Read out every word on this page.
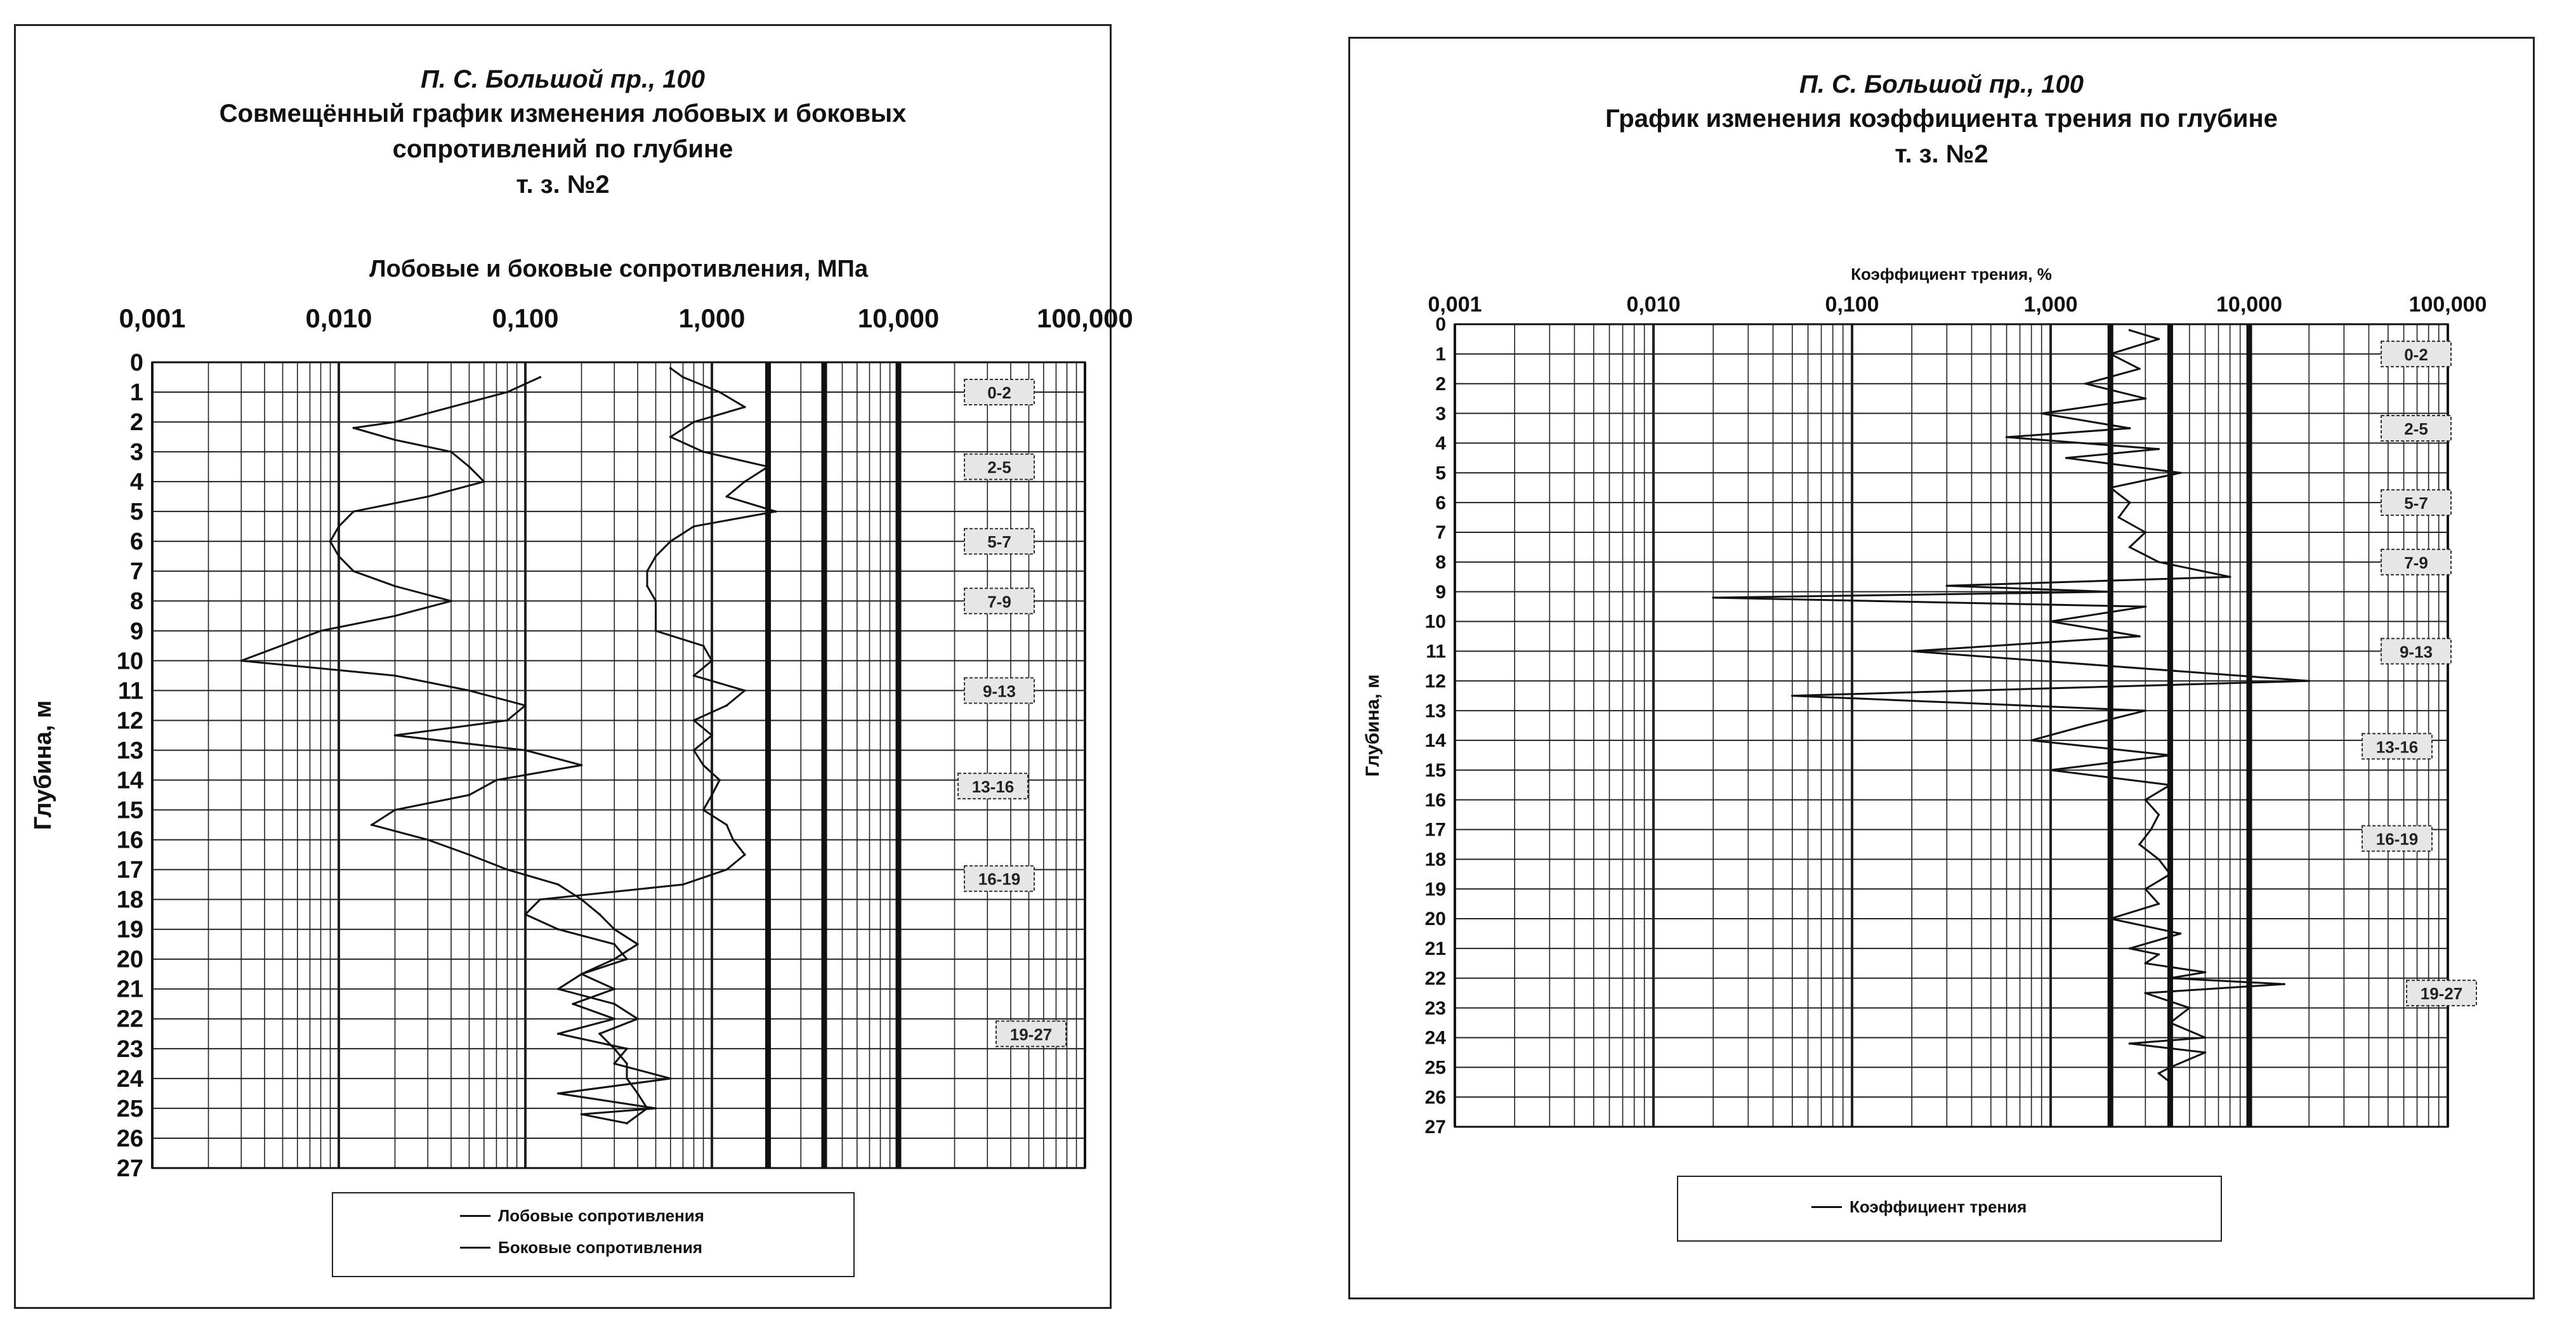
П. С. Большой пр., 100
Совмещённый график изменения лобовых и боковых
сопротивлений по глубине
т. з. №2
Лобовые и боковые сопротивления, МПа
0
1
2
3
4
5
6
7
8
9
10
11
12
13
14
15
16
17
18
19
20
21
22
23
24
25
26
27
0,001	0,010	0,100	1,000	10,000	100,000
Глубина, м
0-2
2-5
5-7
7-9
9-13
13-16
16-19
19-27
Лобовые сопротивления
Боковые сопротивления
П. С. Большой пр., 100
График изменения коэффициента трения по глубине
т. з. №2
Коэффициент трения, %
0
1
2
3
4
5
6
7
8
9
10
11
12
13
14
15
16
17
18
19
20
21
22
23
24
25
26
27
0,001	0,010	0,100	1,000	10,000	100,000
Глубина, м
0-2
2-5
5-7
7-9
9-13
13-16
16-19
19-27
Коэффициент трения
